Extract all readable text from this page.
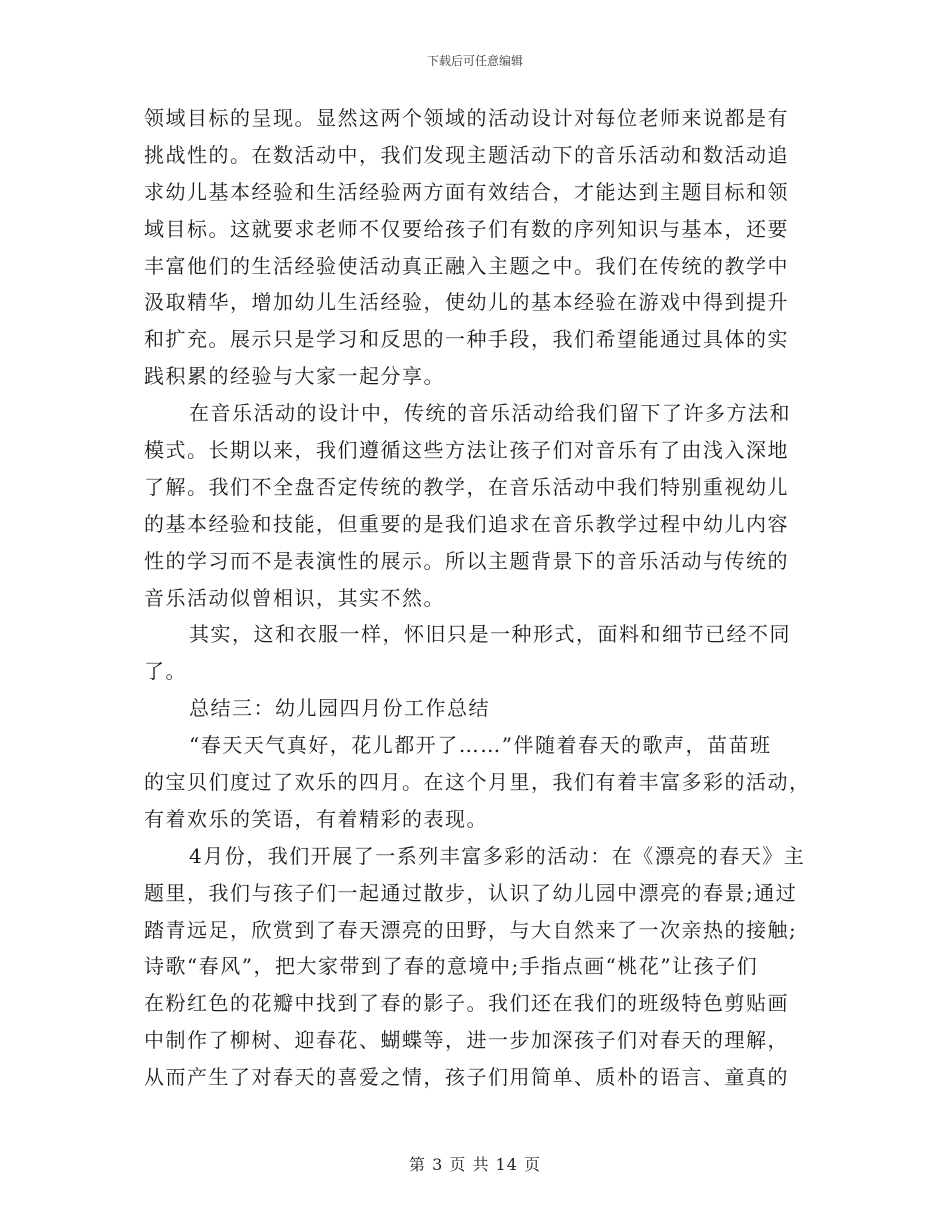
下载后可任意编辑
领域目标的呈现。显然这两个领域的活动设计对每位老师来说都是有
挑战性的。在数活动中，我们发现主题活动下的音乐活动和数活动追
求幼儿基本经验和生活经验两方面有效结合，才能达到主题目标和领
域目标。这就要求老师不仅要给孩子们有数的序列知识与基本，还要
丰富他们的生活经验使活动真正融入主题之中。我们在传统的教学中
汲取精华，增加幼儿生活经验，使幼儿的基本经验在游戏中得到提升
和扩充。展示只是学习和反思的一种手段，我们希望能通过具体的实
践积累的经验与大家一起分享。
在音乐活动的设计中，传统的音乐活动给我们留下了许多方法和
模式。长期以来，我们遵循这些方法让孩子们对音乐有了由浅入深地
了解。我们不全盘否定传统的教学，在音乐活动中我们特别重视幼儿
的基本经验和技能，但重要的是我们追求在音乐教学过程中幼儿内容
性的学习而不是表演性的展示。所以主题背景下的音乐活动与传统的
音乐活动似曾相识，其实不然。
其实，这和衣服一样，怀旧只是一种形式，面料和细节已经不同
了。
总结三：幼儿园四月份工作总结
“春天天气真好，花儿都开了……”伴随着春天的歌声，苗苗班
的宝贝们度过了欢乐的四月。在这个月里，我们有着丰富多彩的活动，
有着欢乐的笑语，有着精彩的表现。
4月份，我们开展了一系列丰富多彩的活动：在《漂亮的春天》主
题里，我们与孩子们一起通过散步，认识了幼儿园中漂亮的春景;通过
踏青远足，欣赏到了春天漂亮的田野，与大自然来了一次亲热的接触;
诗歌“春风”，把大家带到了春的意境中;手指点画“桃花”让孩子们
在粉红色的花瓣中找到了春的影子。我们还在我们的班级特色剪贴画
中制作了柳树、迎春花、蝴蝶等，进一步加深孩子们对春天的理解，
从而产生了对春天的喜爱之情，孩子们用简单、质朴的语言、童真的
第 3 页 共 14 页
